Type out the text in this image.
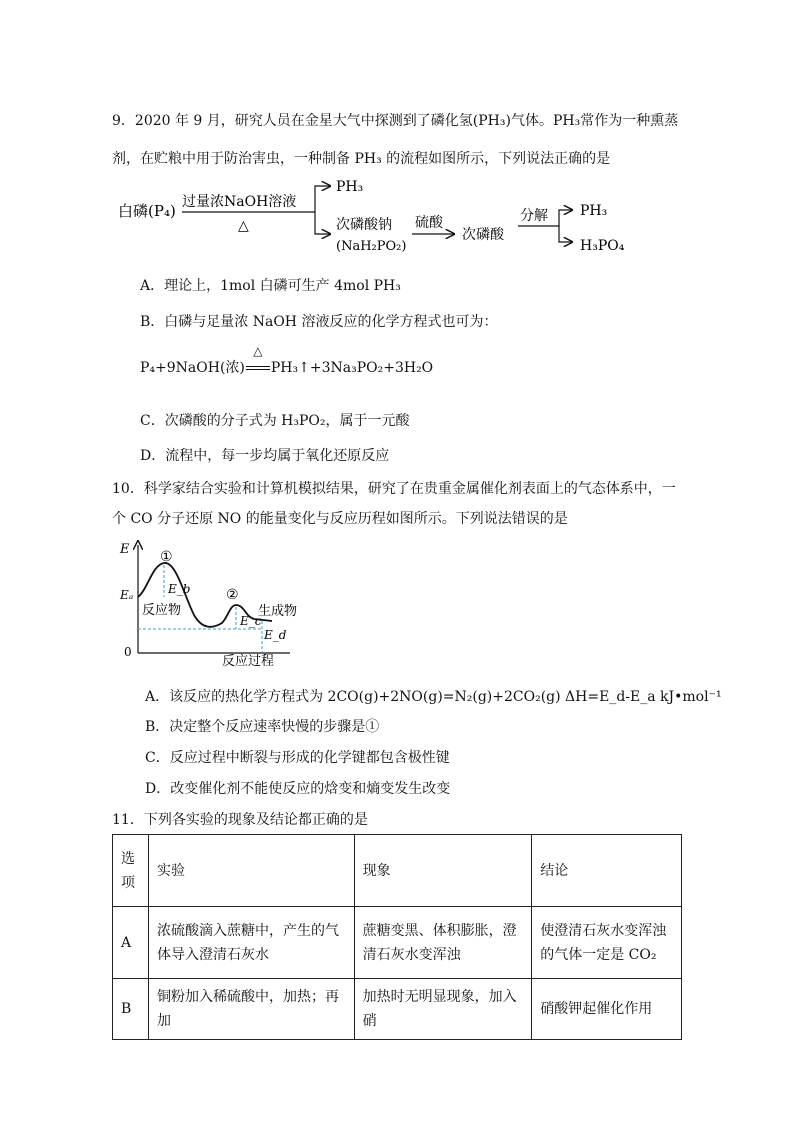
9．2020 年 9 月，研究人员在金星大气中探测到了磷化氢(PH₃)气体。PH₃常作为一种熏蒸
剂，在贮粮中用于防治害虫，一种制备 PH₃ 的流程如图所示，下列说法正确的是
白磷(P₄) 过量浓NaOH溶液
△
PH₃
次磷酸钠
(NaH₂PO₂)
硫酸
次磷酸
分解 PH₃
H₃PO₄
A．理论上，1mol 白磷可生产 4mol PH₃
B．白磷与足量浓 NaOH 溶液反应的化学方程式也可为：
P₄+9NaOH(浓)
△
PH₃↑+3Na₃PO₂+3H₂O
C．次磷酸的分子式为 H₃PO₂，属于一元酸
D．流程中，每一步均属于氧化还原反应
10．科学家结合实验和计算机模拟结果，研究了在贵重金属催化剂表面上的气态体系中，一
个 CO 分子还原 NO 的能量变化与反应历程如图所示。下列说法错误的是
E
0
反应过程
①
②
Eₐ	E_b
E_c
E_d
反应物	生成物
A．该反应的热化学方程式为 2CO(g)+2NO(g)=N₂(g)+2CO₂(g) ΔH=E_d-E_a kJ•mol⁻¹
B．决定整个反应速率快慢的步骤是①
C．反应过程中断裂与形成的化学键都包含极性键
D．改变催化剂不能使反应的焓变和熵变发生改变
11．下列各实验的现象及结论都正确的是
选项	实验	现象	结论
A	浓硫酸滴入蔗糖中，产生的气体导入澄清石灰水	蔗糖变黑、体积膨胀，澄清石灰水变浑浊	使澄清石灰水变浑浊的气体一定是 CO₂
B	铜粉加入稀硫酸中，加热；再加	加热时无明显现象，加入硝	硝酸钾起催化作用
